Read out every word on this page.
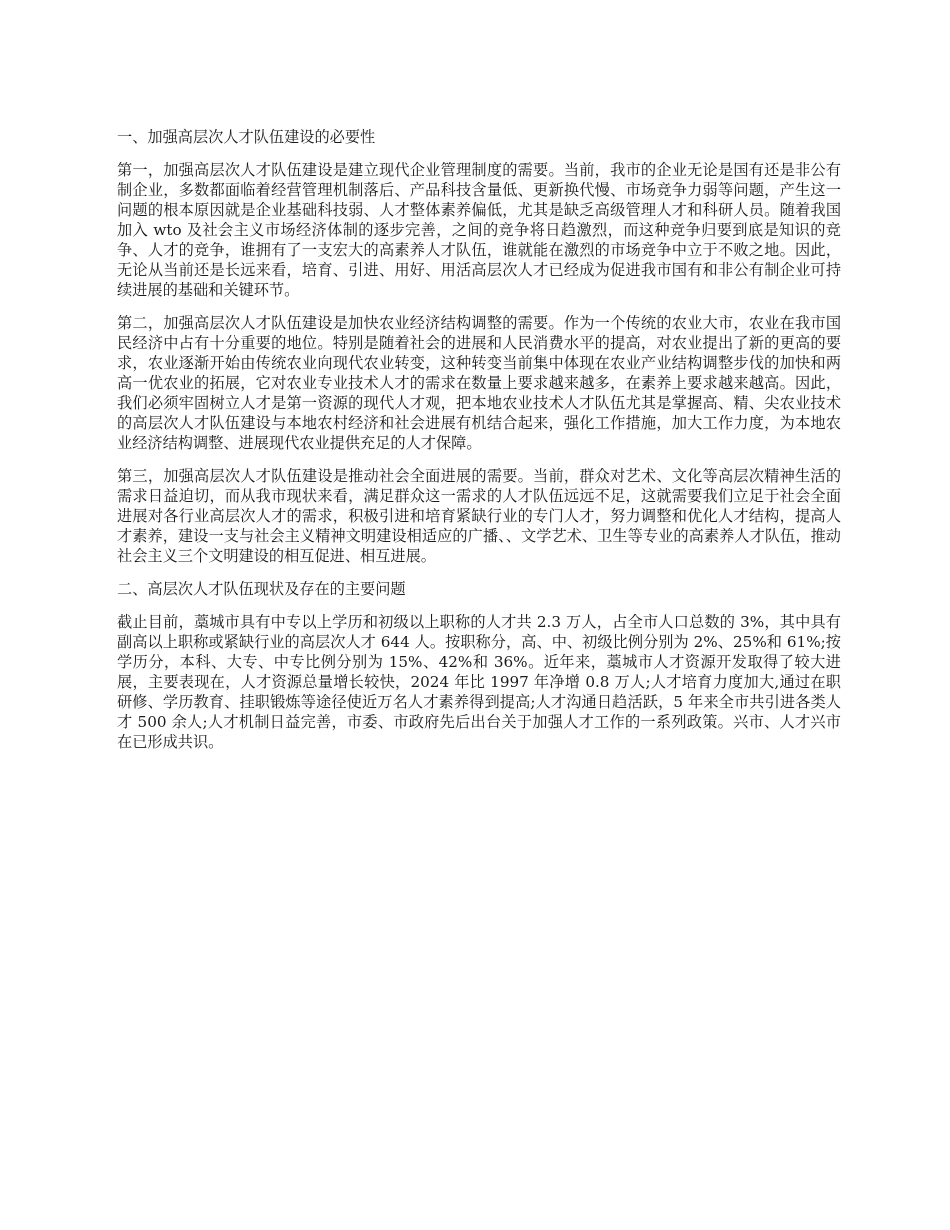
一、加强高层次人才队伍建设的必要性

第一，加强高层次人才队伍建设是建立现代企业管理制度的需要。当前，我市的企业无论是国有还是非公有制企业，多数都面临着经营管理机制落后、产品科技含量低、更新换代慢、市场竞争力弱等问题，产生这一问题的根本原因就是企业基础科技弱、人才整体素养偏低，尤其是缺乏高级管理人才和科研人员。随着我国加入 wto 及社会主义市场经济体制的逐步完善，之间的竞争将日趋激烈，而这种竞争归要到底是知识的竞争、人才的竞争，谁拥有了一支宏大的高素养人才队伍，谁就能在激烈的市场竞争中立于不败之地。因此，无论从当前还是长远来看，培育、引进、用好、用活高层次人才已经成为促进我市国有和非公有制企业可持续进展的基础和关键环节。

第二，加强高层次人才队伍建设是加快农业经济结构调整的需要。作为一个传统的农业大市，农业在我市国民经济中占有十分重要的地位。特别是随着社会的进展和人民消费水平的提高，对农业提出了新的更高的要求，农业逐渐开始由传统农业向现代农业转变，这种转变当前集中体现在农业产业结构调整步伐的加快和两高一优农业的拓展，它对农业专业技术人才的需求在数量上要求越来越多，在素养上要求越来越高。因此，我们必须牢固树立人才是第一资源的现代人才观，把本地农业技术人才队伍尤其是掌握高、精、尖农业技术的高层次人才队伍建设与本地农村经济和社会进展有机结合起来，强化工作措施，加大工作力度，为本地农业经济结构调整、进展现代农业提供充足的人才保障。

第三，加强高层次人才队伍建设是推动社会全面进展的需要。当前，群众对艺术、文化等高层次精神生活的需求日益迫切，而从我市现状来看，满足群众这一需求的人才队伍远远不足，这就需要我们立足于社会全面进展对各行业高层次人才的需求，积极引进和培育紧缺行业的专门人才，努力调整和优化人才结构，提高人才素养，建设一支与社会主义精神文明建设相适应的广播、、文学艺术、卫生等专业的高素养人才队伍，推动社会主义三个文明建设的相互促进、相互进展。

二、高层次人才队伍现状及存在的主要问题

截止目前，藁城市具有中专以上学历和初级以上职称的人才共 2.3 万人，占全市人口总数的 3%，其中具有副高以上职称或紧缺行业的高层次人才 644 人。按职称分，高、中、初级比例分别为 2%、25%和 61%;按学历分，本科、大专、中专比例分别为 15%、42%和 36%。近年来，藁城市人才资源开发取得了较大进展，主要表现在，人才资源总量增长较快，2024 年比 1997 年净增 0.8 万人;人才培育力度加大,通过在职研修、学历教育、挂职锻炼等途径使近万名人才素养得到提高;人才沟通日趋活跃，5 年来全市共引进各类人才 500 余人;人才机制日益完善，市委、市政府先后出台关于加强人才工作的一系列政策。兴市、人才兴市在已形成共识。
